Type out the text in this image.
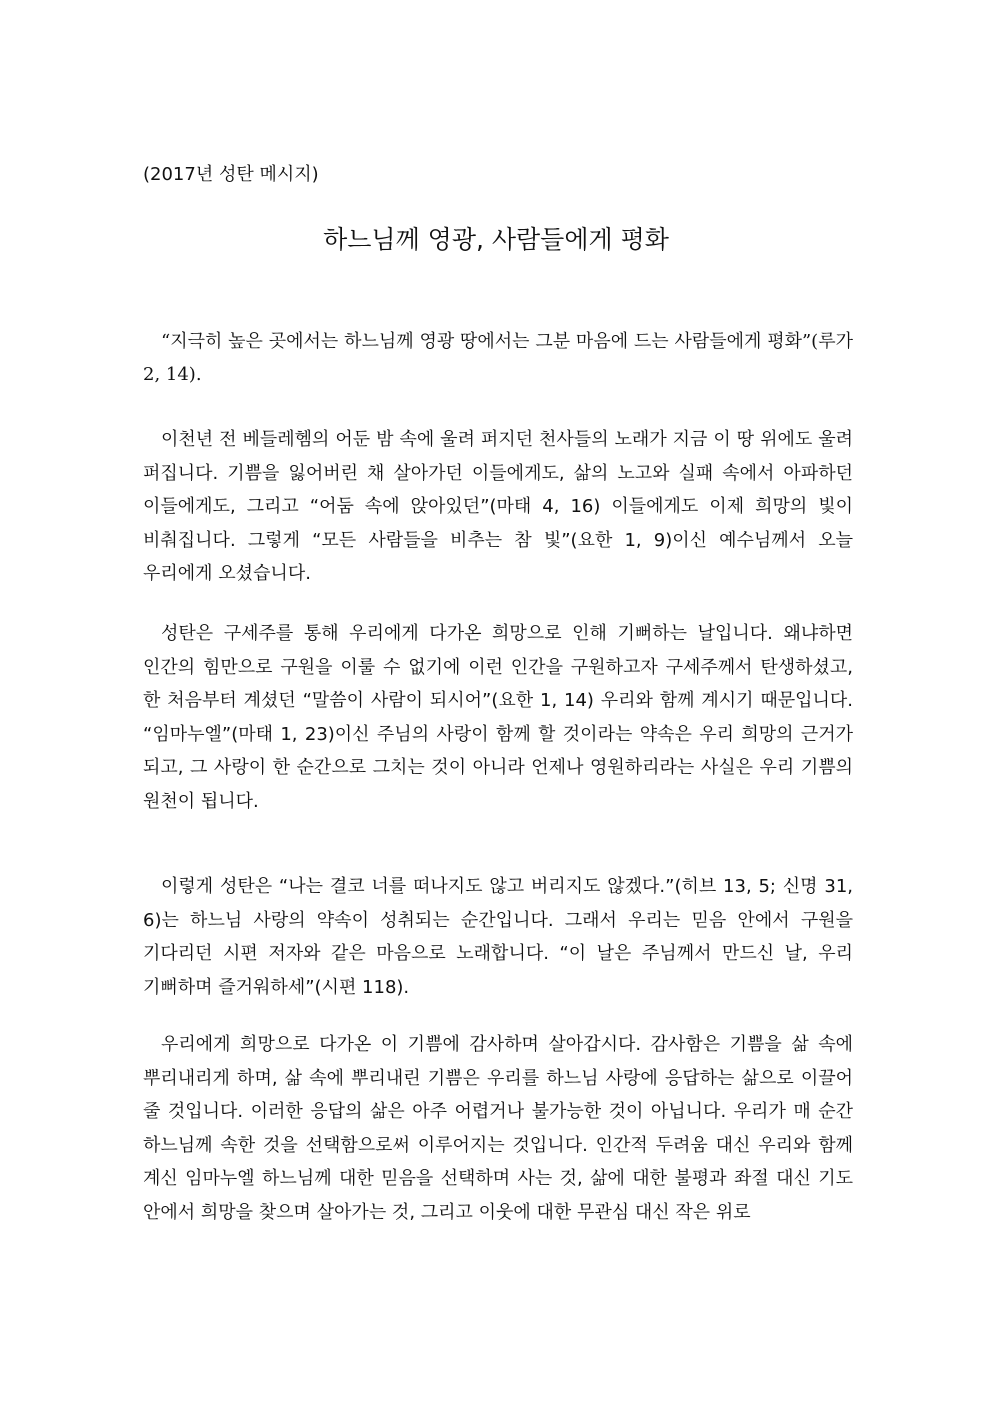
(2017년 성탄 메시지)
하느님께 영광, 사람들에게 평화

“지극히 높은 곳에서는 하느님께 영광 땅에서는 그분 마음에 드는 사람들에게 평화”(루가 2, 14).

이천년 전 베들레헴의 어둔 밤 속에 울려 퍼지던 천사들의 노래가 지금 이 땅 위에도 울려 퍼집니다. 기쁨을 잃어버린 채 살아가던 이들에게도, 삶의 노고와 실패 속에서 아파하던 이들에게도, 그리고 “어둠 속에 앉아있던”(마태 4, 16) 이들에게도 이제 희망의 빛이 비춰집니다. 그렇게 “모든 사람들을 비추는 참 빛”(요한 1, 9)이신 예수님께서 오늘 우리에게 오셨습니다.

성탄은 구세주를 통해 우리에게 다가온 희망으로 인해 기뻐하는 날입니다. 왜냐하면 인간의 힘만으로 구원을 이룰 수 없기에 이런 인간을 구원하고자 구세주께서 탄생하셨고, 한 처음부터 계셨던 “말씀이 사람이 되시어”(요한 1, 14) 우리와 함께 계시기 때문입니다. “임마누엘”(마태 1, 23)이신 주님의 사랑이 함께 할 것이라는 약속은 우리 희망의 근거가 되고, 그 사랑이 한 순간으로 그치는 것이 아니라 언제나 영원하리라는 사실은 우리 기쁨의 원천이 됩니다.

이렇게 성탄은 “나는 결코 너를 떠나지도 않고 버리지도 않겠다.”(히브 13, 5; 신명 31, 6)는 하느님 사랑의 약속이 성취되는 순간입니다. 그래서 우리는 믿음 안에서 구원을 기다리던 시편 저자와 같은 마음으로 노래합니다. “이 날은 주님께서 만드신 날, 우리 기뻐하며 즐거워하세”(시편 118).

우리에게 희망으로 다가온 이 기쁨에 감사하며 살아갑시다. 감사함은 기쁨을 삶 속에 뿌리내리게 하며, 삶 속에 뿌리내린 기쁨은 우리를 하느님 사랑에 응답하는 삶으로 이끌어 줄 것입니다. 이러한 응답의 삶은 아주 어렵거나 불가능한 것이 아닙니다. 우리가 매 순간 하느님께 속한 것을 선택함으로써 이루어지는 것입니다. 인간적 두려움 대신 우리와 함께 계신 임마누엘 하느님께 대한 믿음을 선택하며 사는 것, 삶에 대한 불평과 좌절 대신 기도 안에서 희망을 찾으며 살아가는 것, 그리고 이웃에 대한 무관심 대신 작은 위로
